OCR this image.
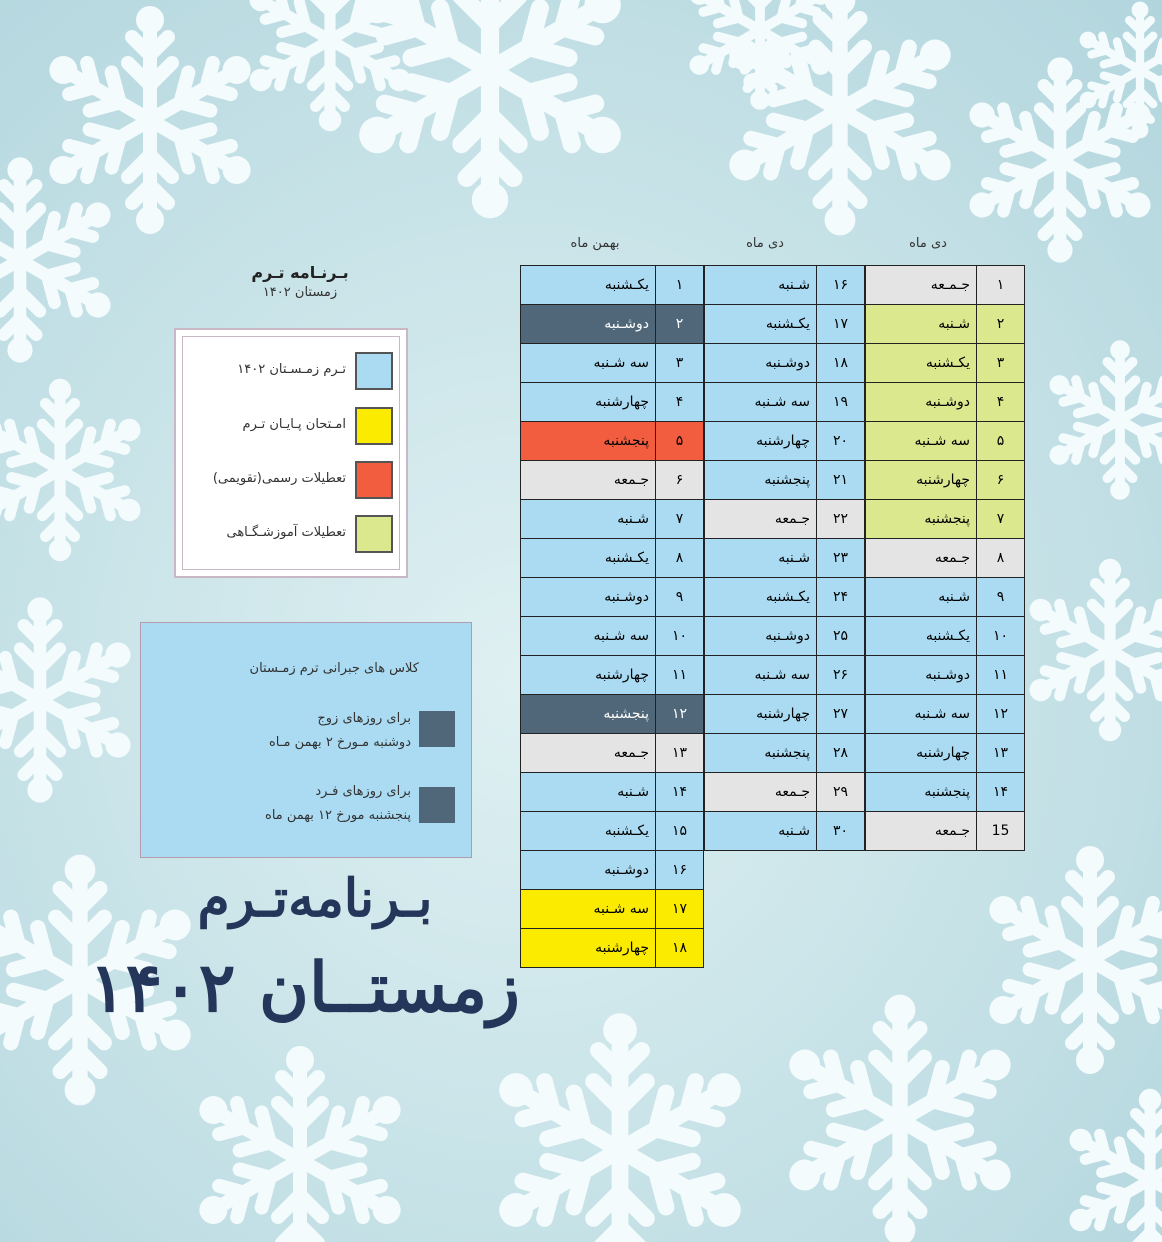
دی ماه
دی ماه
بهمن ماه
۱	جـمـعه
۲	شـنبه
۳	یکـشنبه
۴	دوشـنبه
۵	سه شـنبه
۶	چهارشنبه
۷	پنجشنبه
۸	جـمعه
۹	شـنبه
۱۰	یکـشنبه
۱۱	دوشـنبه
۱۲	سه شـنبه
۱۳	چهارشنبه
۱۴	پنجشنبه
15	جـمعه
۱۶	شـنبه
۱۷	یکـشنبه
۱۸	دوشـنبه
۱۹	سه شـنبه
۲۰	چهارشنبه
۲۱	پنجشنبه
۲۲	جـمعه
۲۳	شـنبه
۲۴	یکـشنبه
۲۵	دوشـنبه
۲۶	سه شـنبه
۲۷	چهارشنبه
۲۸	پنجشنبه
۲۹	جـمعه
۳۰	شـنبه
۱	یکـشنبه
۲	دوشـنبه
۳	سه شـنبه
۴	چهارشنبه
۵	پنجشنبه
۶	جـمعه
۷	شـنبه
۸	یکـشنبه
۹	دوشـنبه
۱۰	سه شـنبه
۱۱	چهارشنبه
۱۲	پنجشنبه
۱۳	جـمعه
۱۴	شـنبه
۱۵	یکـشنبه
۱۶	دوشـنبه
۱۷	سه شـنبه
۱۸	چهارشنبه
بـرنـامه تـرم
زمستان ۱۴۰۲
تـرم زمـسـتان ۱۴۰۲
امـتحان پـایـان تـرم
تعطیلات رسمی(تقویمی)
تعطیلات آموزشـگـاهی
کلاس های جبرانی ترم زمـستان
برای روزهای زوج
دوشنبه مـورخ ۲ بهمن مـاه
برای روزهای فـرد
پنجشنبه مورخ ۱۲ بهمن ماه
بـرنامه‌تـرم
زمستــان ۱۴۰۲
